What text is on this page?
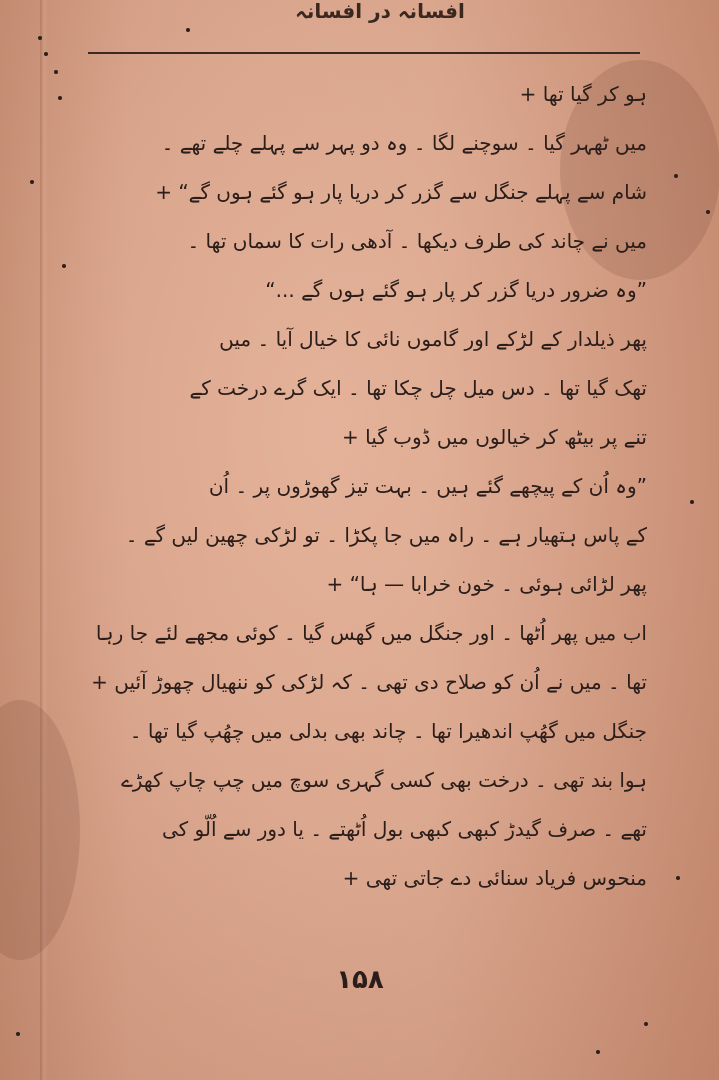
افسانہ در افسانہ
ہو کر گیا تھا +
میں ٹھہر گیا ۔ سوچنے لگا ۔ وہ دو پہر سے پہلے چلے تھے ۔
شام سے پہلے جنگل سے گزر کر دریا پار ہو گئے ہوں گے“ +
میں نے چاند کی طرف دیکھا ۔ آدھی رات کا سماں تھا ۔
”وہ ضرور دریا گزر کر پار ہو گئے ہوں گے ...“
پھر ذیلدار کے لڑکے اور گاموں نائی کا خیال آیا ۔ میں
تھک گیا تھا ۔ دس میل چل چکا تھا ۔ ایک گرے درخت کے
تنے پر بیٹھ کر خیالوں میں ڈوب گیا +
”وہ اُن کے پیچھے گئے ہیں ۔ بہت تیز گھوڑوں پر ۔ اُن
کے پاس ہتھیار ہے ۔ راہ میں جا پکڑا ۔ تو لڑکی چھین لیں گے ۔
پھر لڑائی ہوئی ۔ خون خرابا — ہا“ +
اب میں پھر اُٹھا ۔ اور جنگل میں گھس گیا ۔ کوئی مجھے لئے جا رہا
تھا ۔ میں نے اُن کو صلاح دی تھی ۔ کہ لڑکی کو ننھیال چھوڑ آئیں +
جنگل میں گھُپ اندھیرا تھا ۔ چاند بھی بدلی میں چھُپ گیا تھا ۔
ہوا بند تھی ۔ درخت بھی کسی گہری سوچ میں چپ چاپ کھڑے
تھے ۔ صرف گیدڑ کبھی کبھی بول اُٹھتے ۔ یا دور سے اُلّو کی
منحوس فریاد سنائی دے جاتی تھی +
۱۵۸
